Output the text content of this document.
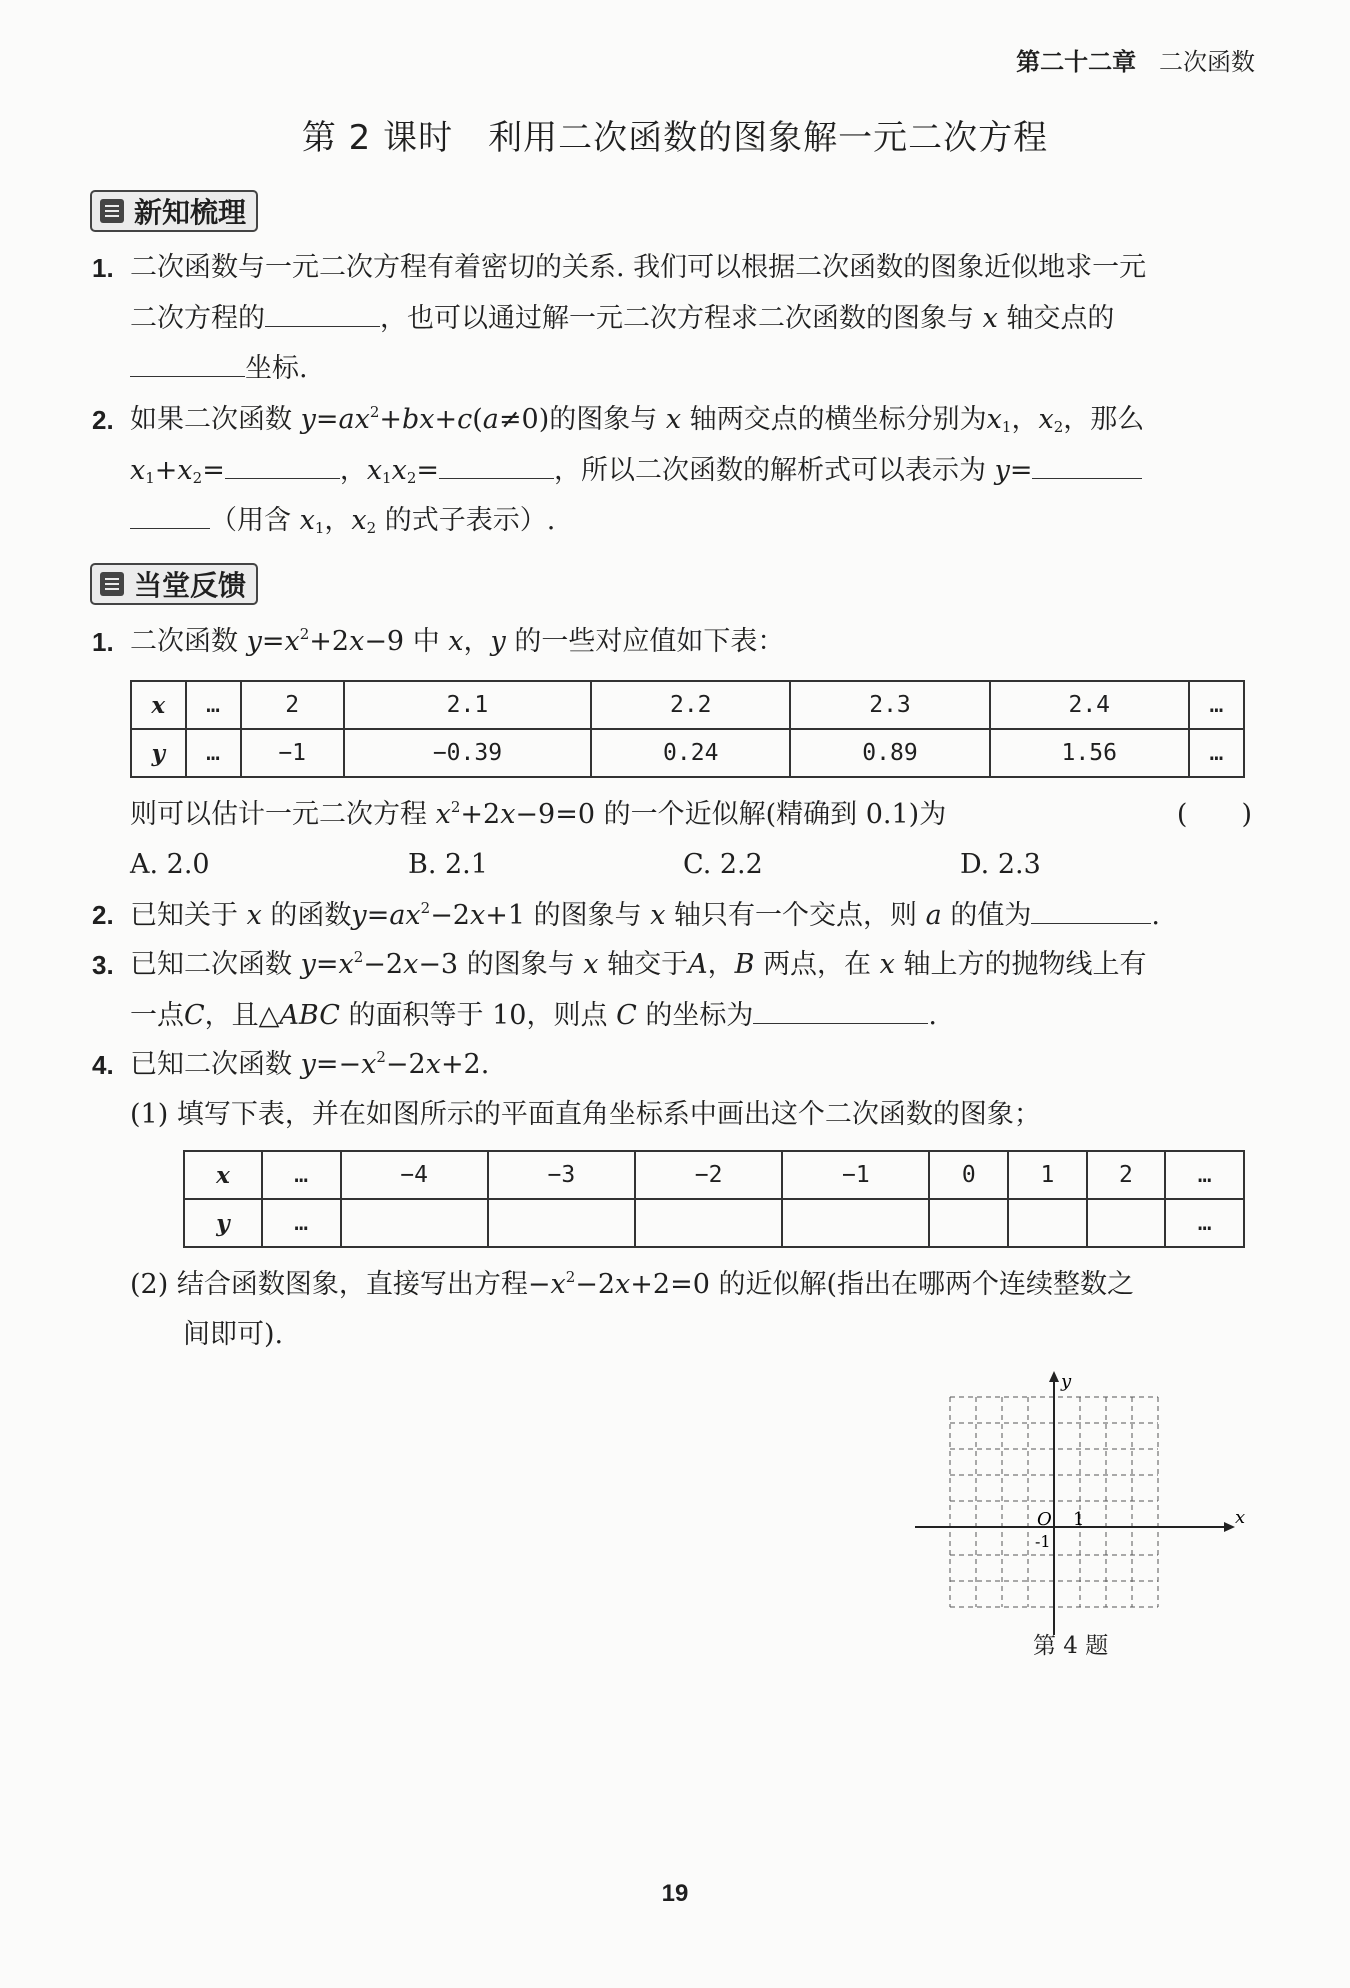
第二十二章 二次函数
第 2 课时　利用二次函数的图象解一元二次方程
新知梳理
1. 二次函数与一元二次方程有着密切的关系. 我们可以根据二次函数的图象近似地求一元
二次方程的	，也可以通过解一元二次方程求二次函数的图象与 x 轴交点的
坐标.
2. 如果二次函数 $y=ax^2+bx+c(a\ne 0)$的图象与 x 轴两交点的横坐标分别为$x_1$，$x_2$，那么
$x_1+x_2=$	，$x_1x_2=$	，所以二次函数的解析式可以表示为 y=
（用含 $x_1$，$x_2$ 的式子表示）.
当堂反馈
1. 二次函数 $y=x^2+2x-9$ 中 x，y 的一些对应值如下表：
x	…	2	2.1	2.2	2.3	2.4	…
y	…	−1	−0.39	0.24	0.89	1.56	…
则可以估计一元二次方程 $x^2+2x-9=0$ 的一个近似解(精确到 0.1)为	(　　)
A. 2.0	B. 2.1	C. 2.2	D. 2.3
2. 已知关于 x 的函数$y=ax^2-2x+1$ 的图象与 x 轴只有一个交点，则 a 的值为	.
3. 已知二次函数 $y=x^2-2x-3$ 的图象与 x 轴交于A，B 两点，在 x 轴上方的抛物线上有
一点C，且△ABC 的面积等于 10，则点 C 的坐标为	.
4. 已知二次函数 $y=-x^2-2x+2$.
(1) 填写下表，并在如图所示的平面直角坐标系中画出这个二次函数的图象；
x	…	−4	−3	−2	−1	0	1	2	…
y	…								…
(2) 结合函数图象，直接写出方程$-x^2-2x+2=0$ 的近似解(指出在哪两个连续整数之
间即可).
y
x
O 1
-1
第 4 题
19
